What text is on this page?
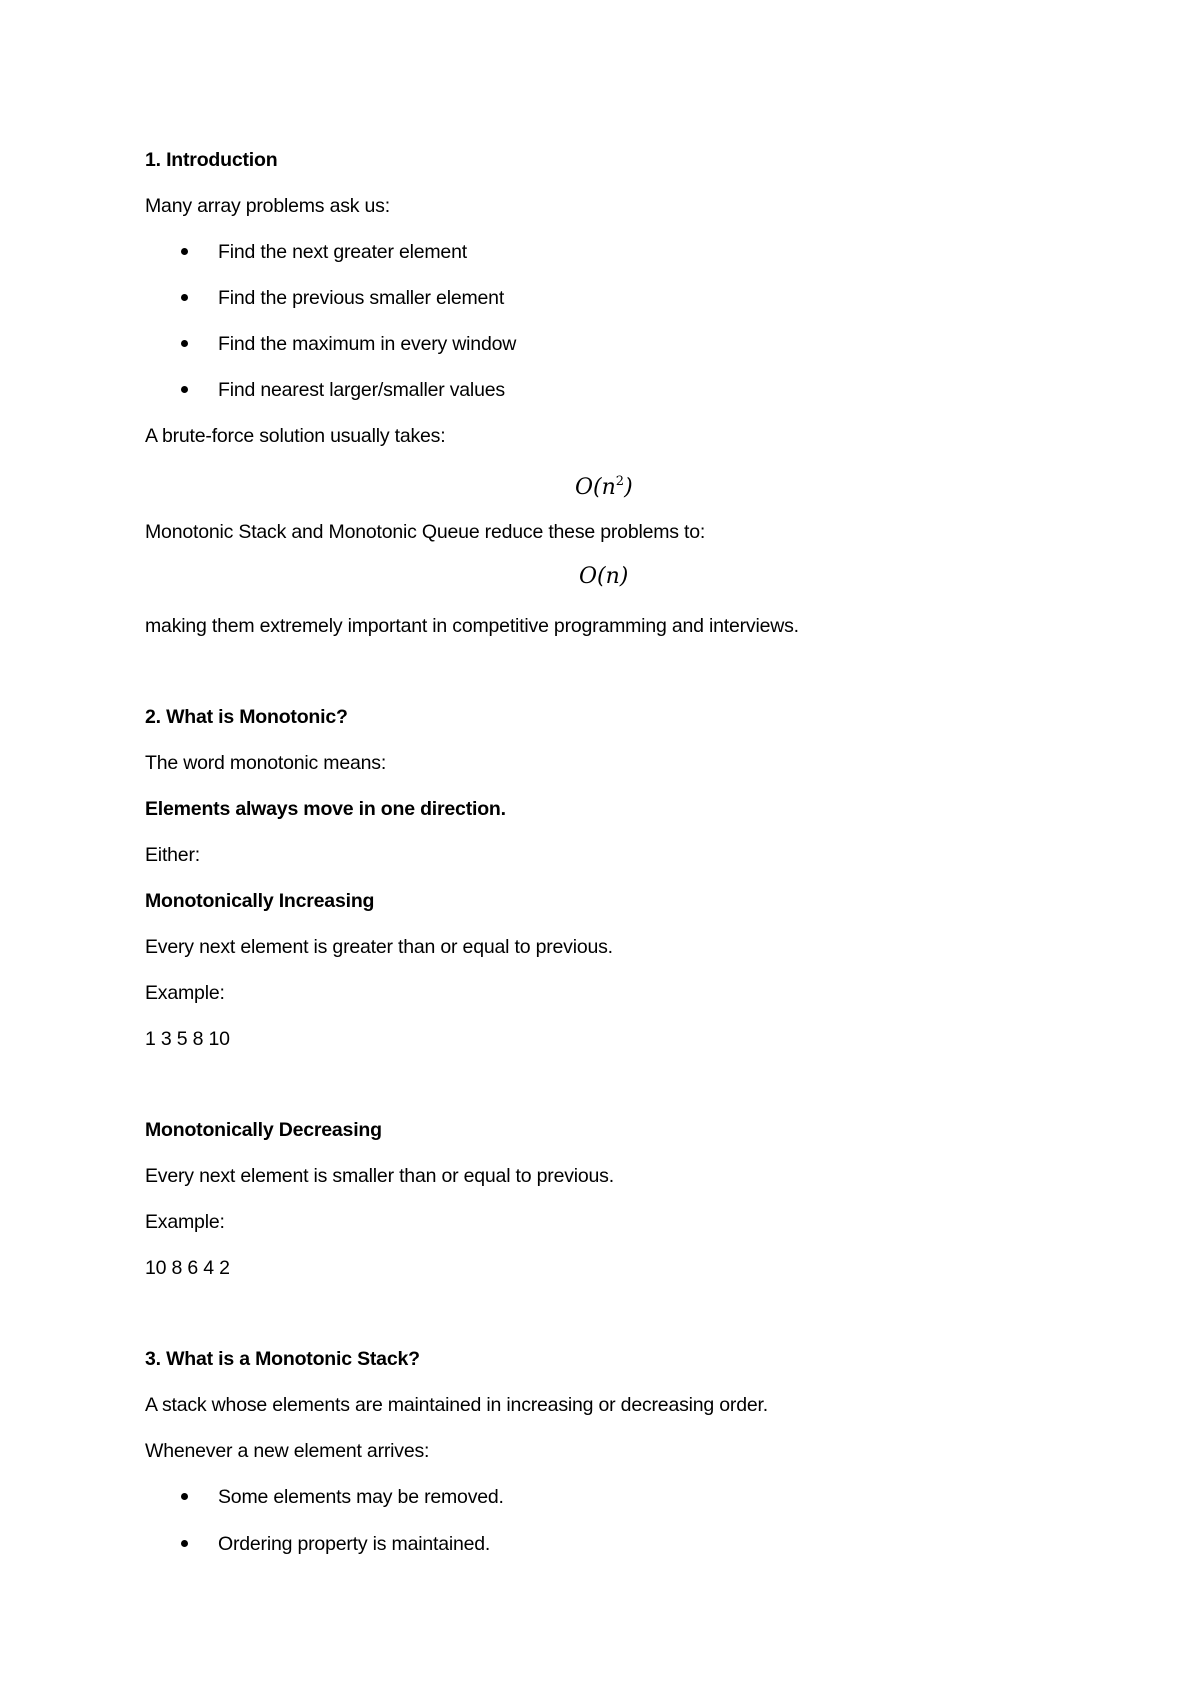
1. Introduction

Many array problems ask us:

Find the next greater element

Find the previous smaller element

Find the maximum in every window

Find nearest larger/smaller values

A brute-force solution usually takes:

$O(n^2)$

Monotonic Stack and Monotonic Queue reduce these problems to:

O(n)

making them extremely important in competitive programming and interviews.

2. What is Monotonic?

The word monotonic means:

Elements always move in one direction.

Either:

Monotonically Increasing

Every next element is greater than or equal to previous.

Example:

1 3 5 8 10

Monotonically Decreasing

Every next element is smaller than or equal to previous.

Example:

10 8 6 4 2

3. What is a Monotonic Stack?

A stack whose elements are maintained in increasing or decreasing order.

Whenever a new element arrives:

Some elements may be removed.

Ordering property is maintained.
